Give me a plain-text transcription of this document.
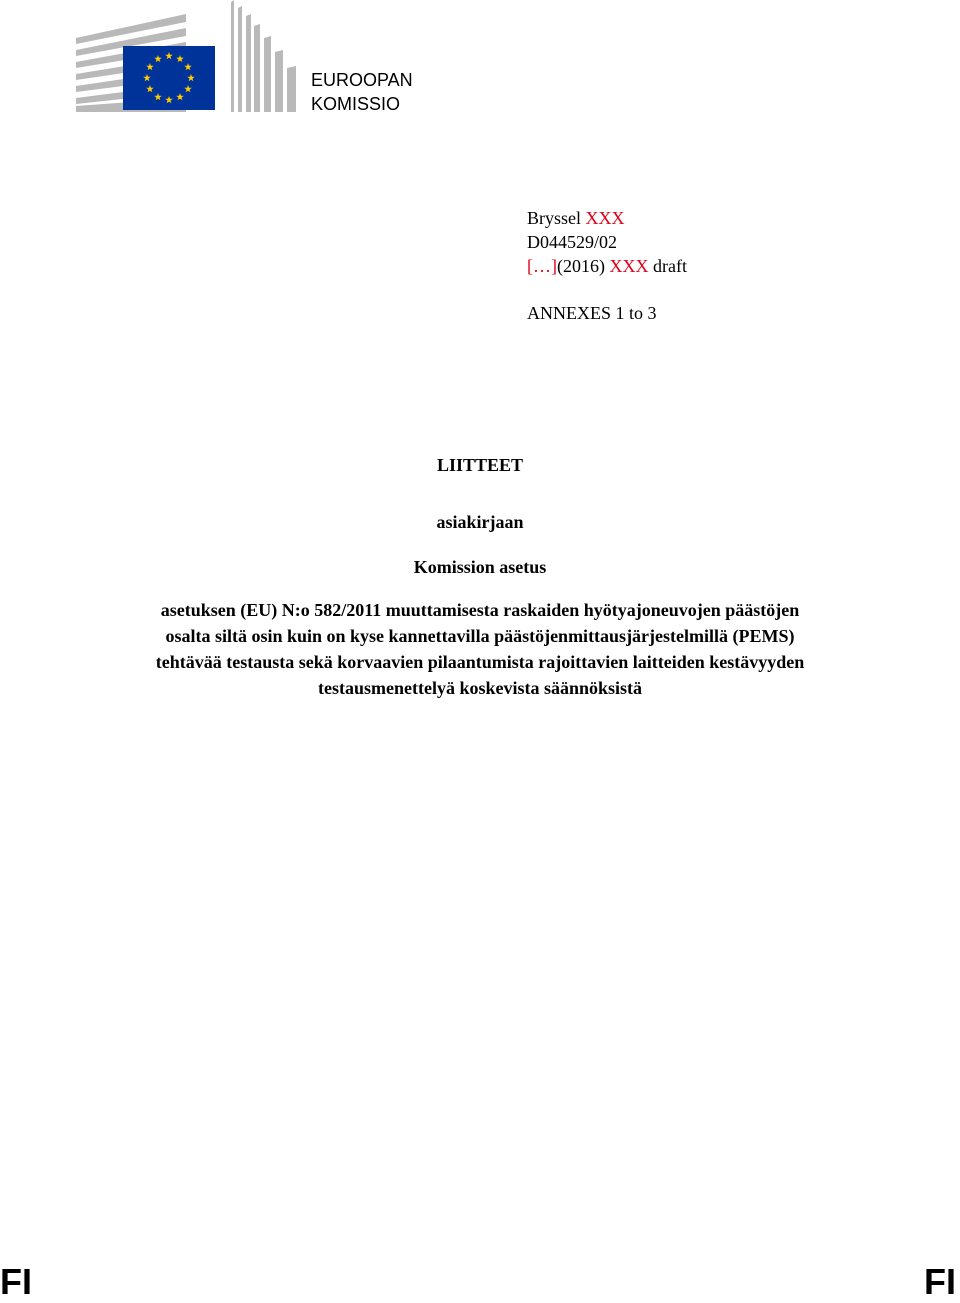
EUROOPAN
KOMISSIO
Bryssel XXX
D044529/02
[…](2016) XXX draft
ANNEXES 1 to 3
LIITTEET
asiakirjaan
Komission asetus
asetuksen (EU) N:o 582/2011 muuttamisesta raskaiden hyötyajoneuvojen päästöjen
osalta siltä osin kuin on kyse kannettavilla päästöjenmittausjärjestelmillä (PEMS)
tehtävää testausta sekä korvaavien pilaantumista rajoittavien laitteiden kestävyyden
testausmenettelyä koskevista säännöksistä
FI	FI
